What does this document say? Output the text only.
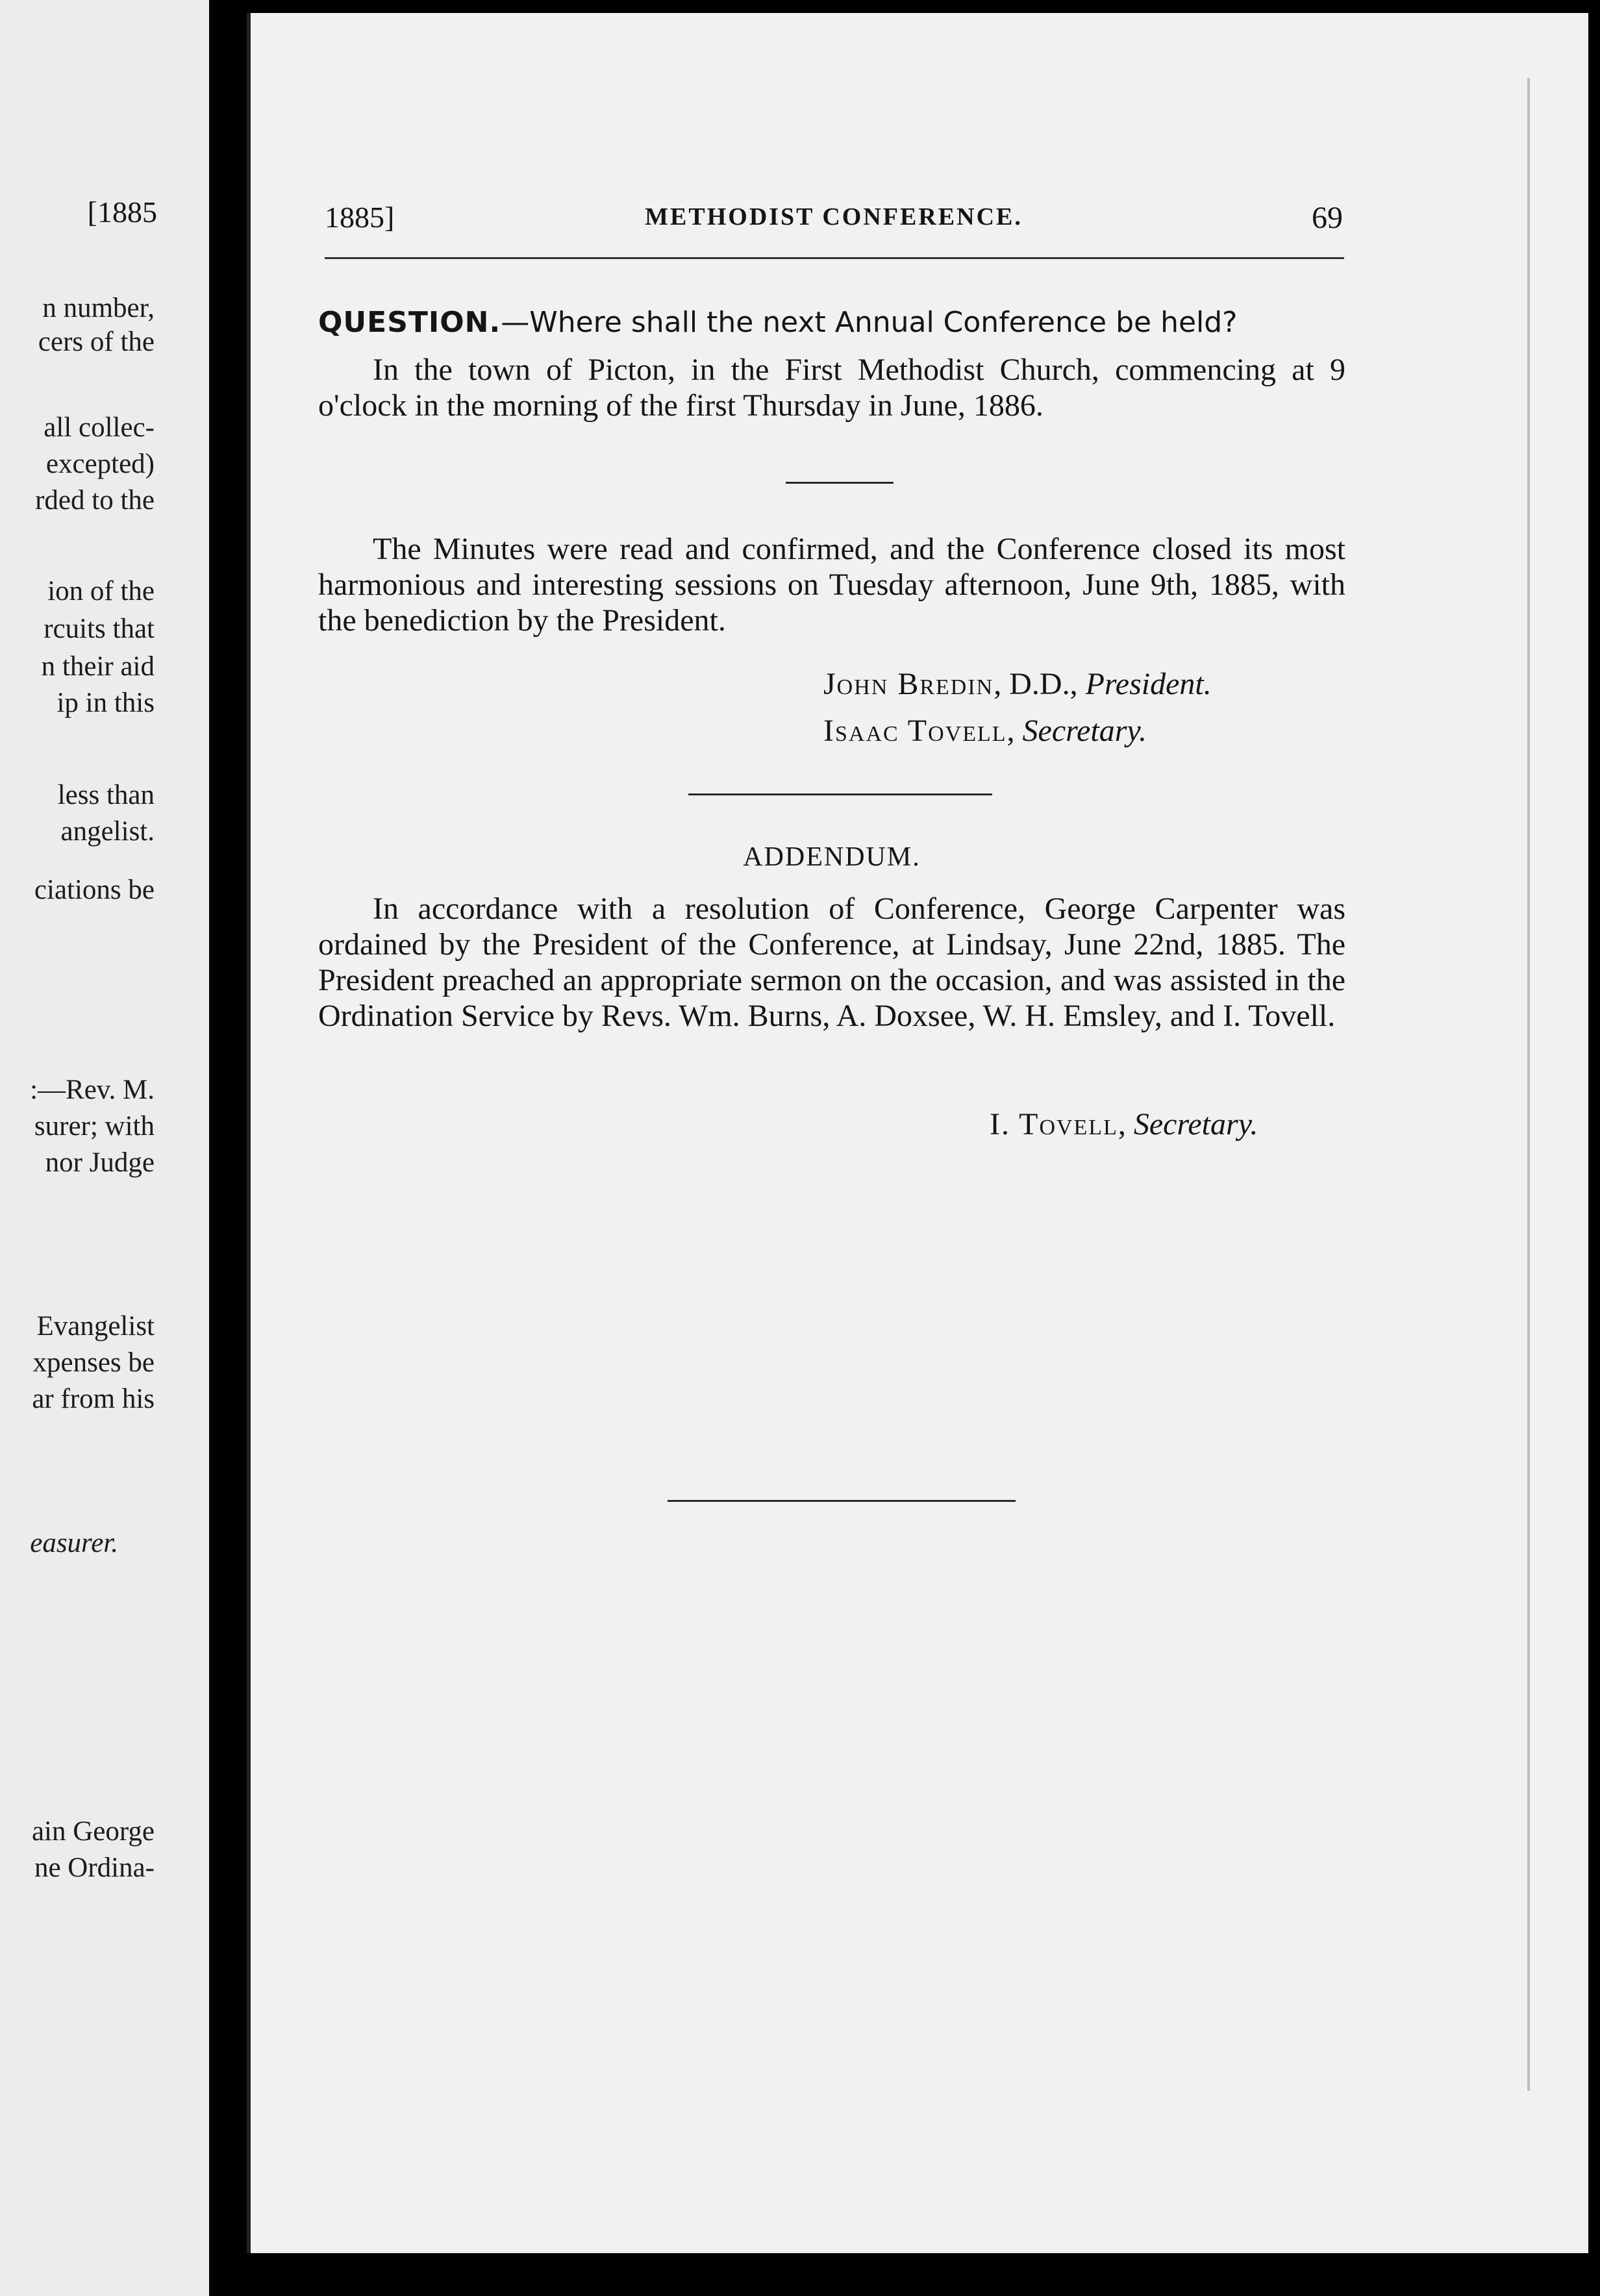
[1885
n number,
cers of the
all collec-
excepted)
rded to the
ion of the
rcuits that
n their aid
ip in this
less than
angelist.
ciations be
:—Rev. M.
surer; with
nor Judge
Evangelist
xpenses be
ar from his
easurer.
ain George
ne Ordina-
1885]	METHODIST CONFERENCE.	69
QUESTION.—Where shall the next Annual Conference be held?
In the town of Picton, in the First Methodist Church, commencing at 9 o'clock in the morning of the first Thursday in June, 1886.
The Minutes were read and confirmed, and the Conference closed its most harmonious and interesting sessions on Tuesday afternoon, June 9th, 1885, with the benediction by the President.
John Bredin, D.D., President.
Isaac Tovell, Secretary.
ADDENDUM.
In accordance with a resolution of Conference, George Carpenter was ordained by the President of the Conference, at Lindsay, June 22nd, 1885. The President preached an appropriate sermon on the occasion, and was assisted in the Ordination Service by Revs. Wm. Burns, A. Doxsee, W. H. Emsley, and I. Tovell.
I. Tovell, Secretary.
